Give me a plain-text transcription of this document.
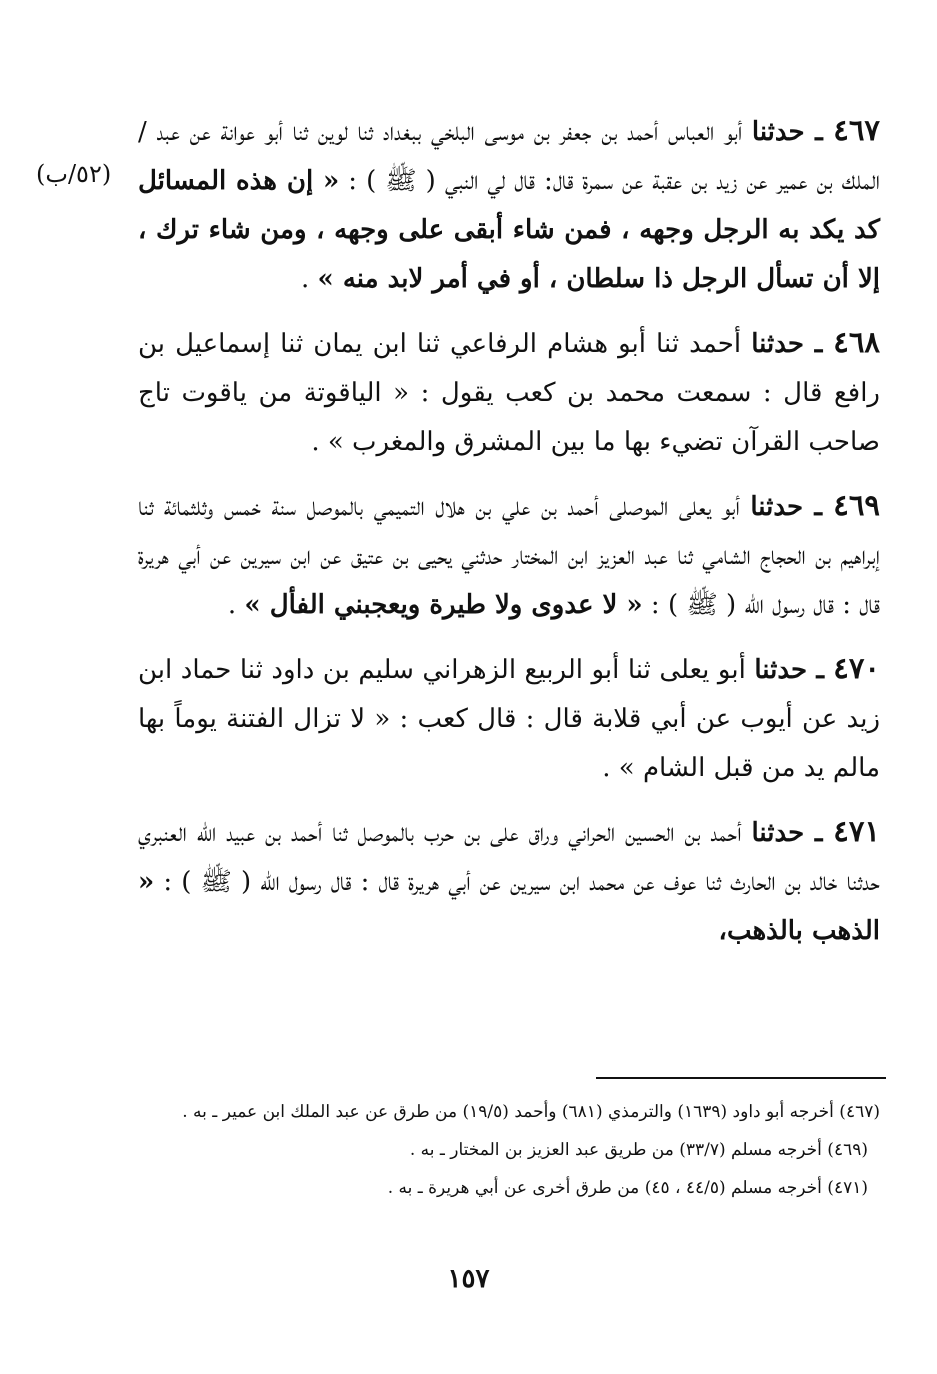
(٥٢/ب)

٤٦٧ ـ حدثنا أبو العباس أحمد بن جعفر بن موسى البلخي ببغداد ثنا لوين ثنا أبو عوانة عن عبد / الملك بن عمير عن زيد بن عقبة عن سمرة قال: قال لي النبي ( ﷺ ) : « إن هذه المسائل كد يكد به الرجل وجهه ، فمن شاء أبقى على وجهه ، ومن شاء ترك ، إلا أن تسأل الرجل ذا سلطان ، أو في أمر لابد منه » .

٤٦٨ ـ حدثنا أحمد ثنا أبو هشام الرفاعي ثنا ابن يمان ثنا إسماعيل بن رافع قال : سمعت محمد بن كعب يقول : « الياقوتة من ياقوت تاج صاحب القرآن تضيء بها ما بين المشرق والمغرب » .

٤٦٩ ـ حدثنا أبو يعلى الموصلى أحمد بن علي بن هلال التميمي بالموصل سنة خمس وثلثمائة ثنا إبراهيم بن الحجاج الشامي ثنا عبد العزيز ابن المختار حدثني يحيى بن عتيق عن ابن سيرين عن أبي هريرة قال : قال رسول الله ( ﷺ ) : « لا عدوى ولا طيرة ويعجبني الفأل » .

٤٧٠ ـ حدثنا أبو يعلى ثنا أبو الربيع الزهراني سليم بن داود ثنا حماد ابن زيد عن أيوب عن أبي قلابة قال : قال كعب : « لا تزال الفتنة يوماً بها مالم يد من قبل الشام » .

٤٧١ ـ حدثنا أحمد بن الحسين الحراني وراق على بن حرب بالموصل ثنا أحمد بن عبيد الله العنبري حدثنا خالد بن الحارث ثنا عوف عن محمد ابن سيرين عن أبي هريرة قال : قال رسول الله ( ﷺ ) : « الذهب بالذهب،

(٤٦٧) أخرجه أبو داود (١٦٣٩) والترمذي (٦٨١) وأحمد (١٩/٥) من طرق عن عبد الملك ابن عمير ـ به .

(٤٦٩) أخرجه مسلم (٣٣/٧) من طريق عبد العزيز بن المختار ـ به .

(٤٧١) أخرجه مسلم (٤٤/٥ ، ٤٥) من طرق أخرى عن أبي هريرة ـ به .

١٥٧
